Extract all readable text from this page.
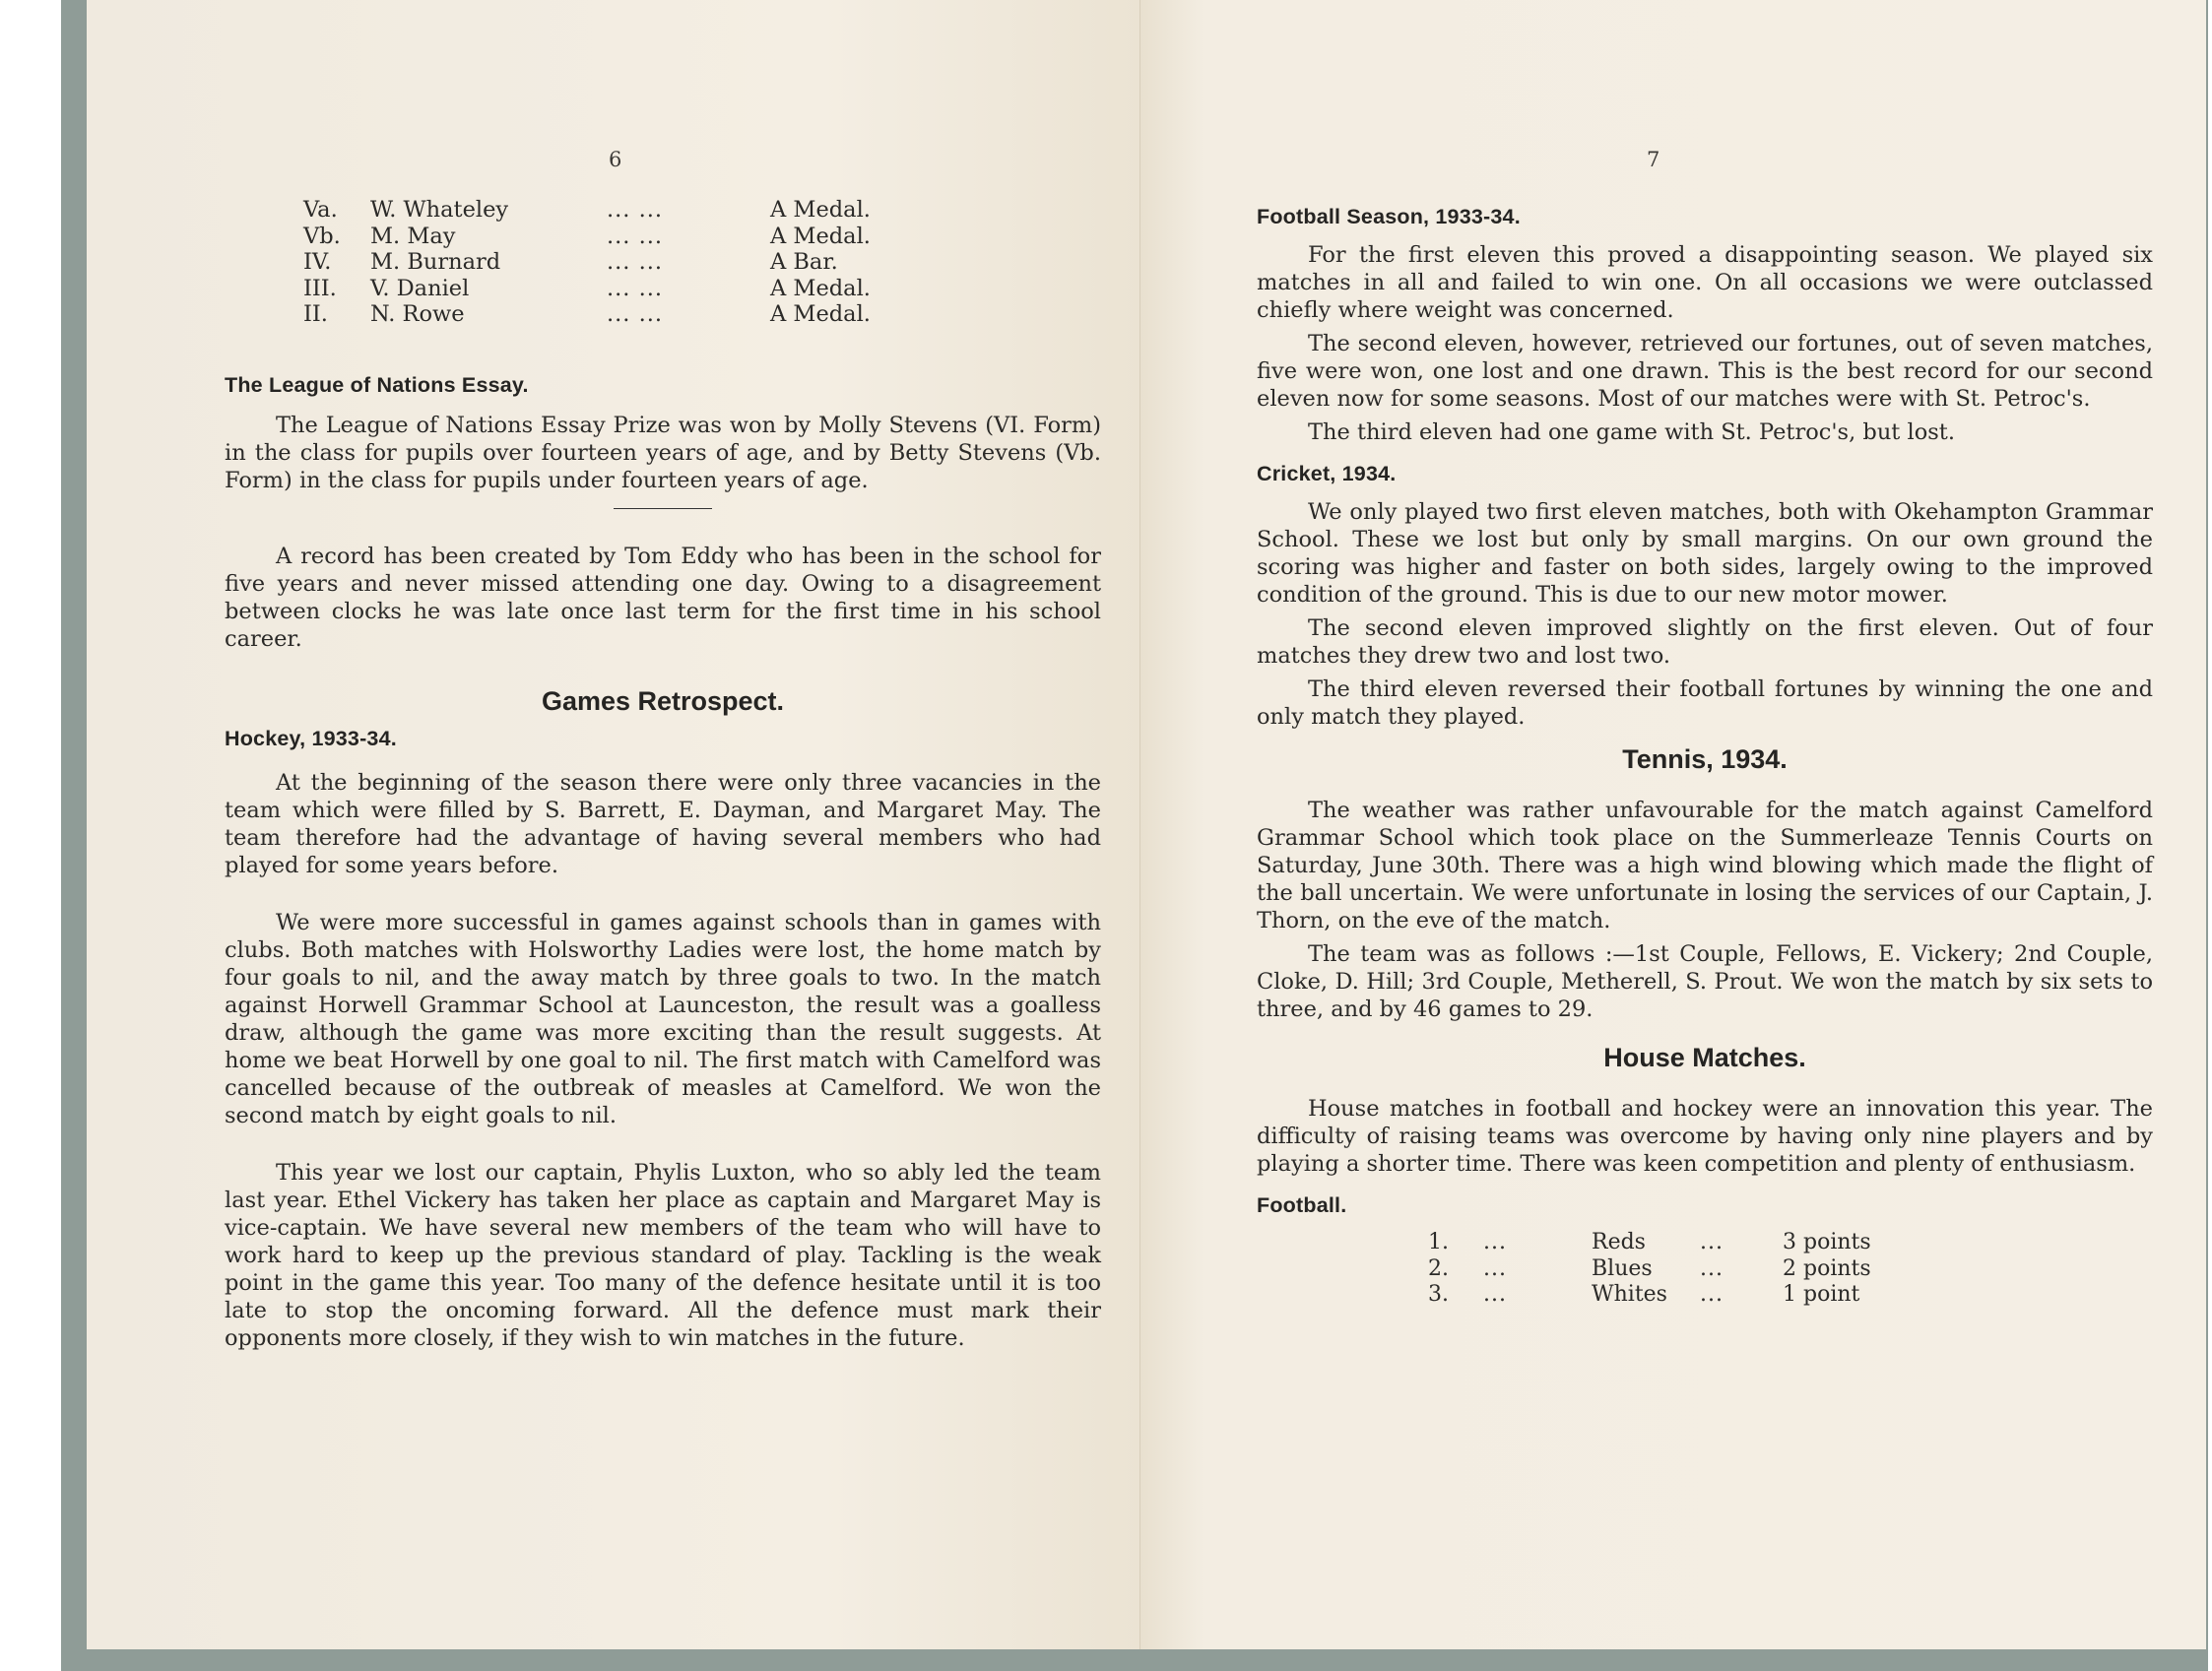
6
Va.	W. Whateley	... ...	A Medal.
Vb.	M. May	... ...	A Medal.
IV.	M. Burnard	... ...	A Bar.
III.	V. Daniel	... ...	A Medal.
II.	N. Rowe	... ...	A Medal.
The League of Nations Essay.

The League of Nations Essay Prize was won by Molly Stevens (VI. Form) in the class for pupils over fourteen years of age, and by Betty Stevens (Vb. Form) in the class for pupils under fourteen years of age.

A record has been created by Tom Eddy who has been in the school for five years and never missed attending one day. Owing to a disagreement between clocks he was late once last term for the first time in his school career.

Games Retrospect.
Hockey, 1933-34.

At the beginning of the season there were only three vacancies in the team which were filled by S. Barrett, E. Dayman, and Margaret May. The team therefore had the advantage of having several members who had played for some years before.

We were more successful in games against schools than in games with clubs. Both matches with Holsworthy Ladies were lost, the home match by four goals to nil, and the away match by three goals to two. In the match against Horwell Grammar School at Launceston, the result was a goalless draw, although the game was more exciting than the result suggests. At home we beat Horwell by one goal to nil. The first match with Camelford was cancelled because of the outbreak of measles at Camelford. We won the second match by eight goals to nil.

This year we lost our captain, Phylis Luxton, who so ably led the team last year. Ethel Vickery has taken her place as captain and Margaret May is vice-captain. We have several new members of the team who will have to work hard to keep up the previous standard of play. Tackling is the weak point in the game this year. Too many of the defence hesitate until it is too late to stop the oncoming forward. All the defence must mark their opponents more closely, if they wish to win matches in the future.

7
Football Season, 1933-34.

For the first eleven this proved a disappointing season. We played six matches in all and failed to win one. On all occasions we were outclassed chiefly where weight was concerned.

The second eleven, however, retrieved our fortunes, out of seven matches, five were won, one lost and one drawn. This is the best record for our second eleven now for some seasons. Most of our matches were with St. Petroc's.

The third eleven had one game with St. Petroc's, but lost.

Cricket, 1934.

We only played two first eleven matches, both with Okehampton Grammar School. These we lost but only by small margins. On our own ground the scoring was higher and faster on both sides, largely owing to the improved condition of the ground. This is due to our new motor mower.

The second eleven improved slightly on the first eleven. Out of four matches they drew two and lost two.

The third eleven reversed their football fortunes by winning the one and only match they played.

Tennis, 1934.

The weather was rather unfavourable for the match against Camelford Grammar School which took place on the Summerleaze Tennis Courts on Saturday, June 30th. There was a high wind blowing which made the flight of the ball uncertain. We were unfortunate in losing the services of our Captain, J. Thorn, on the eve of the match.

The team was as follows :—1st Couple, Fellows, E. Vickery; 2nd Couple, Cloke, D. Hill; 3rd Couple, Metherell, S. Prout. We won the match by six sets to three, and by 46 games to 29.

House Matches.

House matches in football and hockey were an innovation this year. The difficulty of raising teams was overcome by having only nine players and by playing a shorter time. There was keen competition and plenty of enthusiasm.

Football.
1.	...	Reds	...	3 points
2.	...	Blues	...	2 points
3.	...	Whites	...	1 point
